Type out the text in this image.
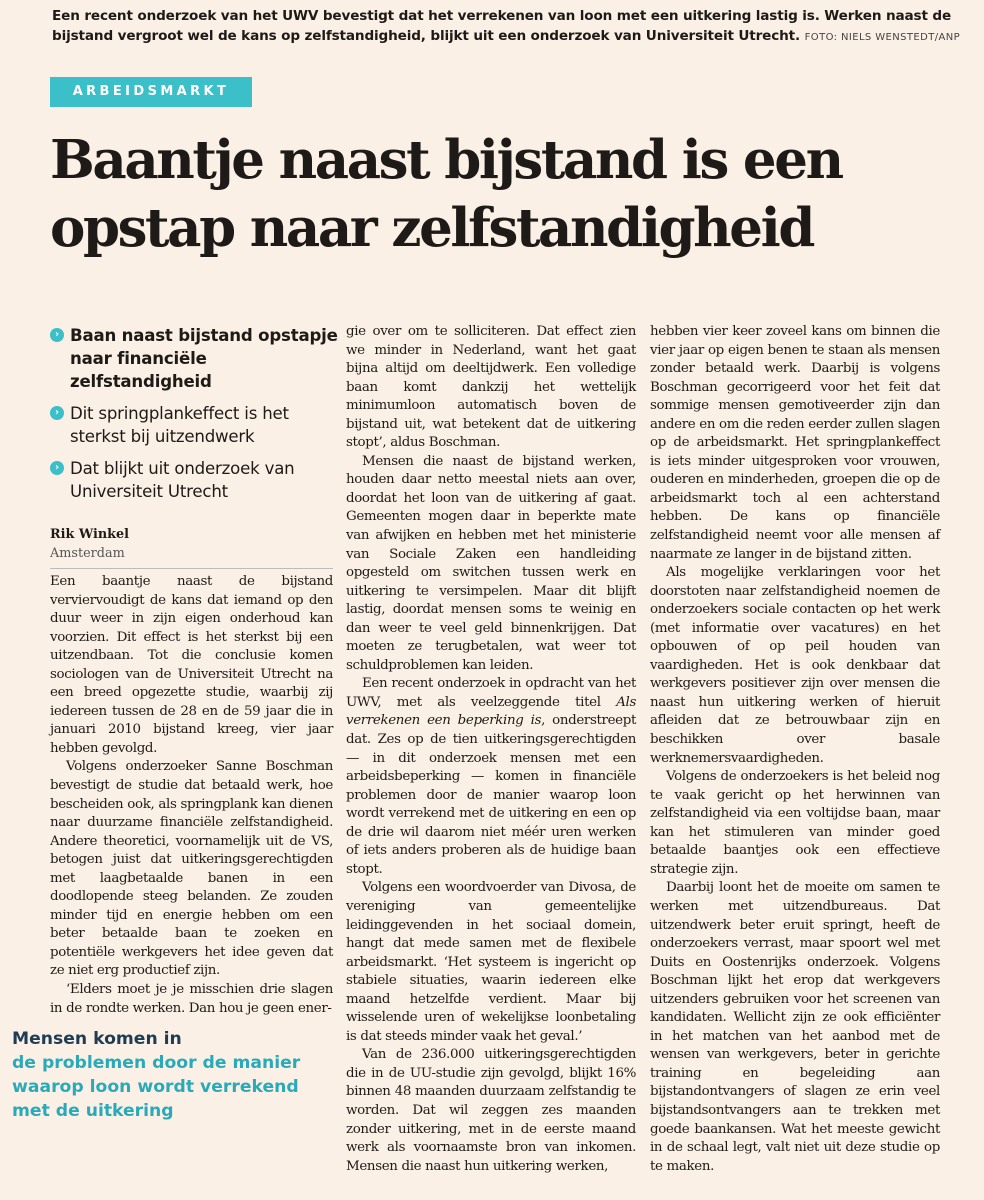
Een recent onderzoek van het UWV bevestigt dat het verrekenen van loon met een uitkering lastig is. Werken naast de bijstand vergroot wel de kans op zelfstandigheid, blijkt uit een onderzoek van Universiteit Utrecht. FOTO: NIELS WENSTEDT/ANP
ARBEIDSMARKT
Baantje naast bijstand is een opstap naar zelfstandigheid
› Baan naast bijstand opstapje naar financiële zelfstandigheid
› Dit springplankeffect is het sterkst bij uitzendwerk
› Dat blijkt uit onderzoek van Universiteit Utrecht
Rik Winkel
Amsterdam

Een baantje naast de bijstand verviervoudigt de kans dat iemand op den duur weer in zijn eigen onderhoud kan voorzien. Dit effect is het sterkst bij een uitzendbaan. Tot die conclusie komen sociologen van de Universiteit Utrecht na een breed opgezette studie, waarbij zij iedereen tussen de 28 en de 59 jaar die in januari 2010 bijstand kreeg, vier jaar hebben gevolgd.

Volgens onderzoeker Sanne Boschman bevestigt de studie dat betaald werk, hoe bescheiden ook, als springplank kan dienen naar duurzame financiële zelfstandigheid. Andere theoretici, voornamelijk uit de VS, betogen juist dat uitkeringsgerechtigden met laagbetaalde banen in een doodlopende steeg belanden. Ze zouden minder tijd en energie hebben om een beter betaalde baan te zoeken en potentiële werkgevers het idee geven dat ze niet erg productief zijn.

‘Elders moet je je misschien drie slagen in de rondte werken. Dan hou je geen ener-

gie over om te solliciteren. Dat effect zien we minder in Nederland, want het gaat bijna altijd om deeltijdwerk. Een volledige baan komt dankzij het wettelijk minimumloon automatisch boven de bijstand uit, wat betekent dat de uitkering stopt’, aldus Boschman.

Mensen die naast de bijstand werken, houden daar netto meestal niets aan over, doordat het loon van de uitkering af gaat. Gemeenten mogen daar in beperkte mate van afwijken en hebben met het ministerie van Sociale Zaken een handleiding opgesteld om switchen tussen werk en uitkering te versimpelen. Maar dit blijft lastig, doordat mensen soms te weinig en dan weer te veel geld binnenkrijgen. Dat moeten ze terugbetalen, wat weer tot schuldproblemen kan leiden.

Een recent onderzoek in opdracht van het UWV, met als veelzeggende titel Als verrekenen een beperking is, onderstreept dat. Zes op de tien uitkeringsgerechtigden — in dit onderzoek mensen met een arbeidsbeperking — komen in financiële problemen door de manier waarop loon wordt verrekend met de uitkering en een op de drie wil daarom niet méér uren werken of iets anders proberen als de huidige baan stopt.

Volgens een woordvoerder van Divosa, de vereniging van gemeentelijke leidinggevenden in het sociaal domein, hangt dat mede samen met de flexibele arbeidsmarkt. ‘Het systeem is ingericht op stabiele situaties, waarin iedereen elke maand hetzelfde verdient. Maar bij wisselende uren of wekelijkse loonbetaling is dat steeds minder vaak het geval.’

Van de 236.000 uitkeringsgerechtigden die in de UU-studie zijn gevolgd, blijkt 16% binnen 48 maanden duurzaam zelfstandig te worden. Dat wil zeggen zes maanden zonder uitkering, met in de eerste maand werk als voornaamste bron van inkomen. Mensen die naast hun uitkering werken,

hebben vier keer zoveel kans om binnen die vier jaar op eigen benen te staan als mensen zonder betaald werk. Daarbij is volgens Boschman gecorrigeerd voor het feit dat sommige mensen gemotiveerder zijn dan andere en om die reden eerder zullen slagen op de arbeidsmarkt. Het springplankeffect is iets minder uitgesproken voor vrouwen, ouderen en minderheden, groepen die op de arbeidsmarkt toch al een achterstand hebben. De kans op financiële zelfstandigheid neemt voor alle mensen af naarmate ze langer in de bijstand zitten.

Als mogelijke verklaringen voor het doorstoten naar zelfstandigheid noemen de onderzoekers sociale contacten op het werk (met informatie over vacatures) en het opbouwen of op peil houden van vaardigheden. Het is ook denkbaar dat werkgevers positiever zijn over mensen die naast hun uitkering werken of hieruit afleiden dat ze betrouwbaar zijn en beschikken over basale werknemersvaardigheden.

Volgens de onderzoekers is het beleid nog te vaak gericht op het herwinnen van zelfstandigheid via een voltijdse baan, maar kan het stimuleren van minder goed betaalde baantjes ook een effectieve strategie zijn.

Daarbij loont het de moeite om samen te werken met uitzendbureaus. Dat uitzendwerk beter eruit springt, heeft de onderzoekers verrast, maar spoort wel met Duits en Oostenrijks onderzoek. Volgens Boschman lijkt het erop dat werkgevers uitzenders gebruiken voor het screenen van kandidaten. Wellicht zijn ze ook efficiënter in het matchen van het aanbod met de wensen van werkgevers, beter in gerichte training en begeleiding aan bijstandontvangers of slagen ze erin veel bijstandsontvangers aan te trekken met goede baankansen. Wat het meeste gewicht in de schaal legt, valt niet uit deze studie op te maken.

Mensen komen in
de problemen door de manier waarop loon wordt verrekend met de uitkering
